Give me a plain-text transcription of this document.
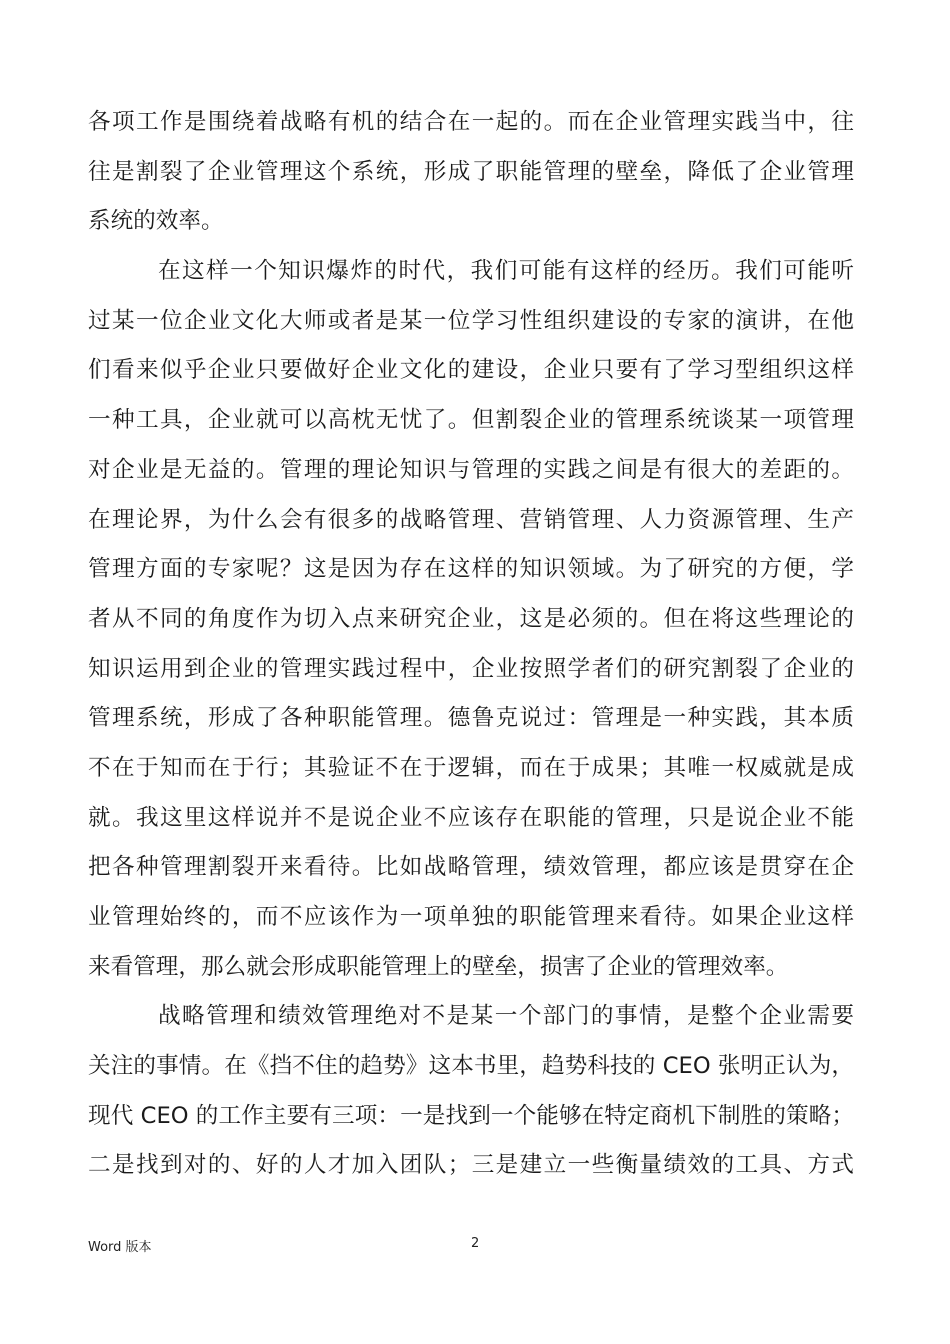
各项工作是围绕着战略有机的结合在一起的。而在企业管理实践当中，往
往是割裂了企业管理这个系统，形成了职能管理的壁垒，降低了企业管理
系统的效率。
在这样一个知识爆炸的时代，我们可能有这样的经历。我们可能听
过某一位企业文化大师或者是某一位学习性组织建设的专家的演讲，在他
们看来似乎企业只要做好企业文化的建设，企业只要有了学习型组织这样
一种工具，企业就可以高枕无忧了。但割裂企业的管理系统谈某一项管理
对企业是无益的。管理的理论知识与管理的实践之间是有很大的差距的。
在理论界，为什么会有很多的战略管理、营销管理、人力资源管理、生产
管理方面的专家呢？这是因为存在这样的知识领域。为了研究的方便，学
者从不同的角度作为切入点来研究企业，这是必须的。但在将这些理论的
知识运用到企业的管理实践过程中，企业按照学者们的研究割裂了企业的
管理系统，形成了各种职能管理。德鲁克说过：管理是一种实践，其本质
不在于知而在于行；其验证不在于逻辑，而在于成果；其唯一权威就是成
就。我这里这样说并不是说企业不应该存在职能的管理，只是说企业不能
把各种管理割裂开来看待。比如战略管理，绩效管理，都应该是贯穿在企
业管理始终的，而不应该作为一项单独的职能管理来看待。如果企业这样
来看管理，那么就会形成职能管理上的壁垒，损害了企业的管理效率。
战略管理和绩效管理绝对不是某一个部门的事情，是整个企业需要
关注的事情。在《挡不住的趋势》这本书里，趋势科技的 CEO 张明正认为，
现代 CEO 的工作主要有三项：一是找到一个能够在特定商机下制胜的策略；
二是找到对的、好的人才加入团队；三是建立一些衡量绩效的工具、方式
Word 版本	2
